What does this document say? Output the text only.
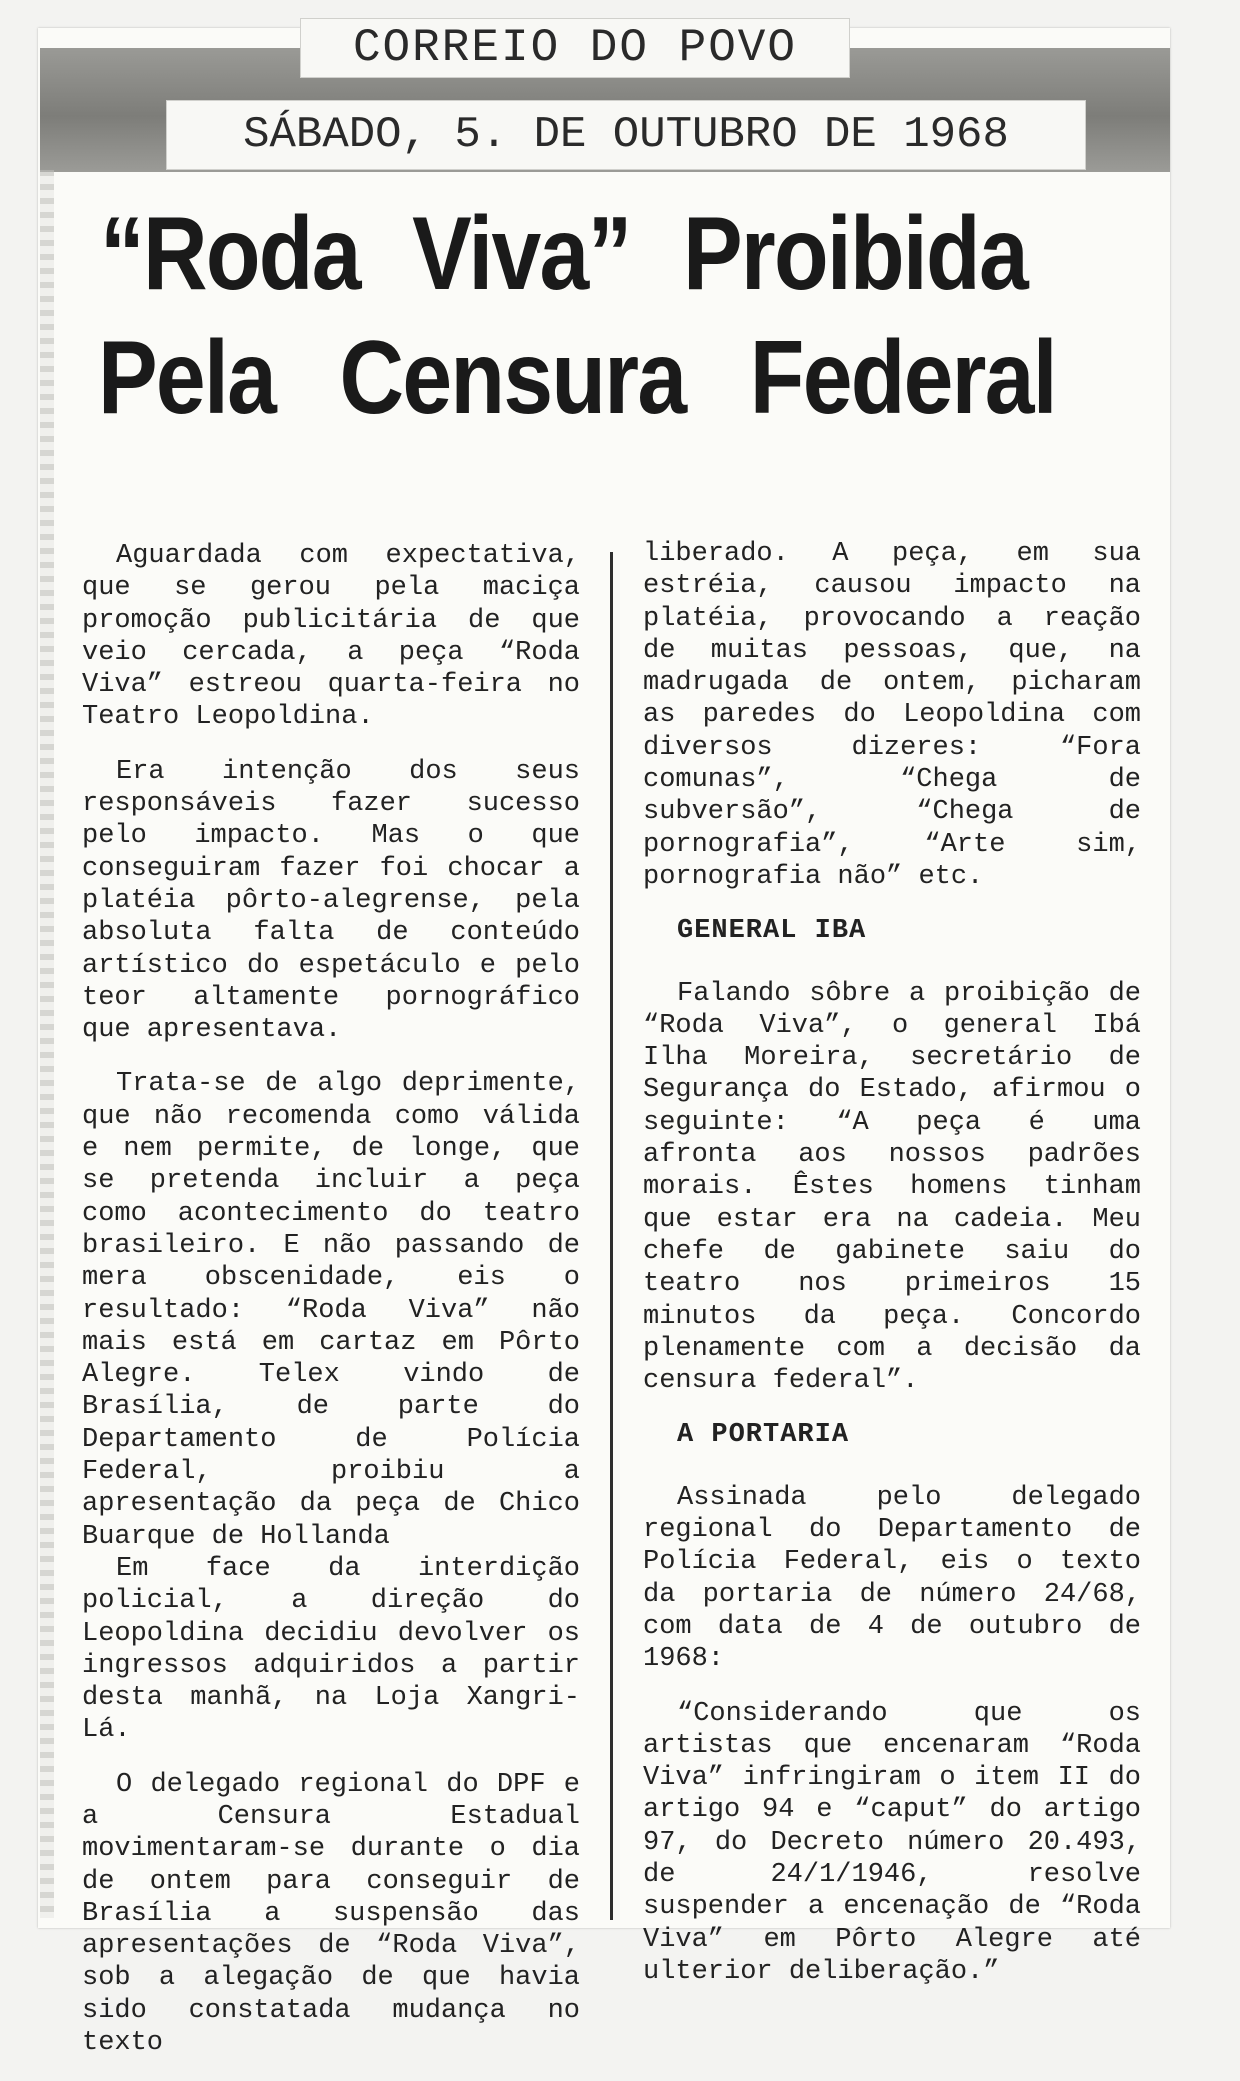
CORREIO DO POVO
SÁBADO, 5. DE OUTUBRO DE 1968
“Roda Viva” Proibida
Pela Censura Federal

Aguardada com expectativa, que se gerou pela maciça promoção publicitária de que veio cercada, a peça “Roda Viva” estreou quarta-feira no Teatro Leopoldina.

Era intenção dos seus responsáveis fazer sucesso pelo impacto. Mas o que conseguiram fazer foi chocar a platéia pôrto-alegrense, pela absoluta falta de conteúdo artístico do espetáculo e pelo teor altamente pornográfico que apresentava.

Trata-se de algo deprimente, que não recomenda como válida e nem permite, de longe, que se pretenda incluir a peça como acontecimento do teatro brasileiro. E não passando de mera obscenidade, eis o resultado: “Roda Viva” não mais está em cartaz em Pôrto Alegre. Telex vindo de Brasília, de parte do Departamento de Polícia Federal, proibiu a apresentação da peça de Chico Buarque de Hollanda

Em face da interdição policial, a direção do Leopoldina decidiu devolver os ingressos adquiridos a partir desta manhã, na Loja Xangri-Lá.

O delegado regional do DPF e a Censura Estadual movimentaram-se durante o dia de ontem para conseguir de Brasília a suspensão das apresentações de “Roda Viva”, sob a alegação de que havia sido constatada mudança no texto

liberado. A peça, em sua estréia, causou impacto na platéia, provocando a reação de muitas pessoas, que, na madrugada de ontem, picharam as paredes do Leopoldina com diversos dizeres: “Fora comunas”, “Chega de subversão”, “Chega de pornografia”, “Arte sim, pornografia não” etc.

GENERAL IBA

Falando sôbre a proibição de “Roda Viva”, o general Ibá Ilha Moreira, secretário de Segurança do Estado, afirmou o seguinte: “A peça é uma afronta aos nossos padrões morais. Êstes homens tinham que estar era na cadeia. Meu chefe de gabinete saiu do teatro nos primeiros 15 minutos da peça. Concordo plenamente com a decisão da censura federal”.

A PORTARIA

Assinada pelo delegado regional do Departamento de Polícia Federal, eis o texto da portaria de número 24/68, com data de 4 de outubro de 1968:

“Considerando que os artistas que encenaram “Roda Viva” infringiram o item II do artigo 94 e “caput” do artigo 97, do Decreto número 20.493, de 24/1/1946, resolve suspender a encenação de “Roda Viva” em Pôrto Alegre até ulterior deliberação.”
